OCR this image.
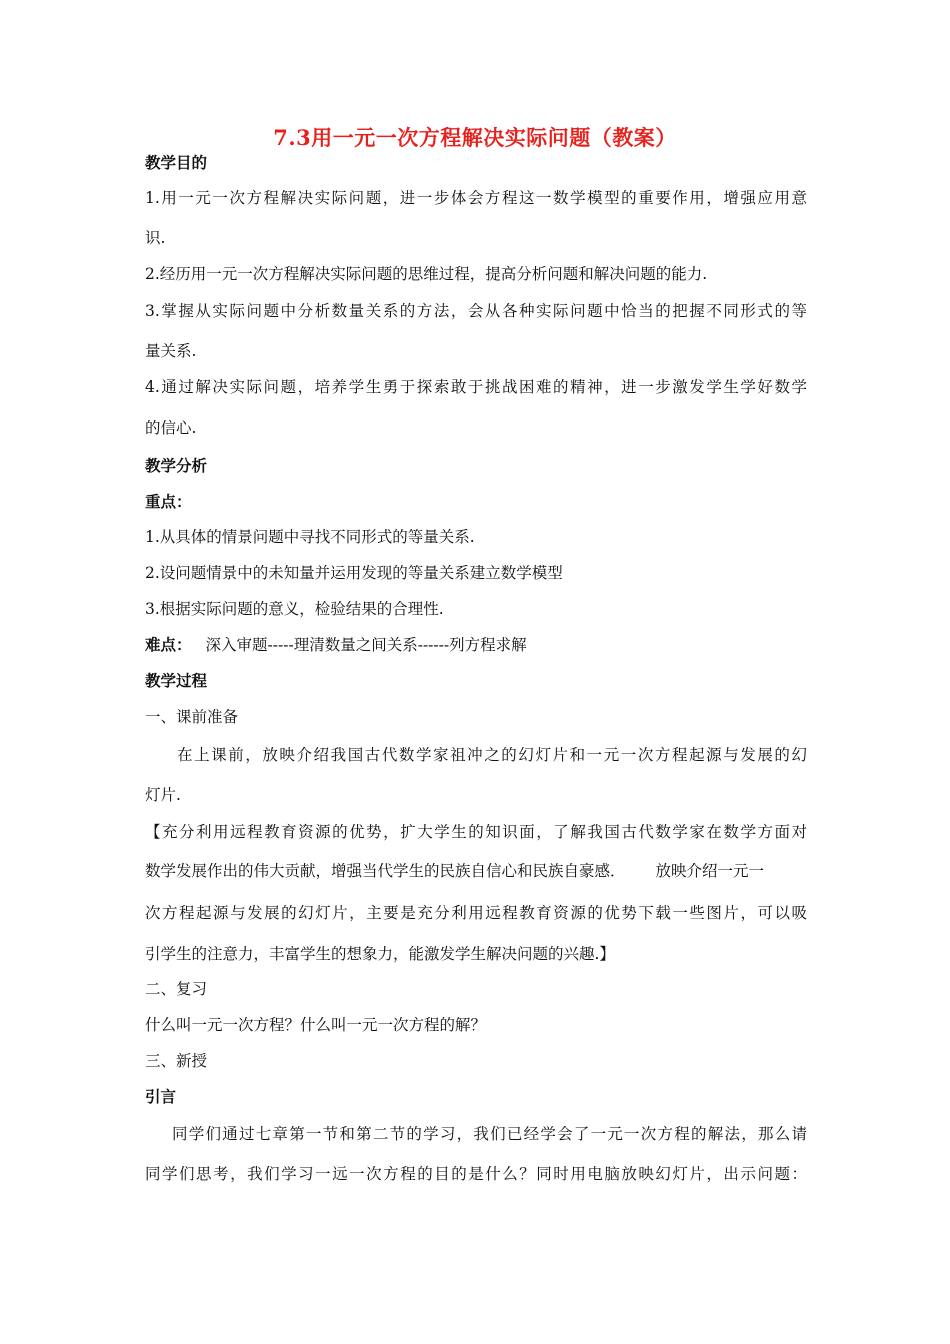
7.3用一元一次方程解决实际问题（教案）
教学目的
1.用一元一次方程解决实际问题，进一步体会方程这一数学模型的重要作用，增强应用意
识.
2.经历用一元一次方程解决实际问题的思维过程，提高分析问题和解决问题的能力.
3.掌握从实际问题中分析数量关系的方法，会从各种实际问题中恰当的把握不同形式的等
量关系.
4.通过解决实际问题，培养学生勇于探索敢于挑战困难的精神，进一步激发学生学好数学
的信心.
教学分析
重点：
1.从具体的情景问题中寻找不同形式的等量关系.
2.设问题情景中的未知量并运用发现的等量关系建立数学模型
3.根据实际问题的意义，检验结果的合理性.
难点： 深入审题-----理清数量之间关系------列方程求解
教学过程
一、课前准备
在上课前，放映介绍我国古代数学家祖冲之的幻灯片和一元一次方程起源与发展的幻
灯片.
【充分利用远程教育资源的优势，扩大学生的知识面，了解我国古代数学家在数学方面对
数学发展作出的伟大贡献，增强当代学生的民族自信心和民族自豪感． 放映介绍一元一
次方程起源与发展的幻灯片，主要是充分利用远程教育资源的优势下载一些图片，可以吸
引学生的注意力，丰富学生的想象力，能激发学生解决问题的兴趣.】
二、复习
什么叫一元一次方程？什么叫一元一次方程的解？
三、新授
引言
同学们通过七章第一节和第二节的学习，我们已经学会了一元一次方程的解法，那么请
同学们思考，我们学习一远一次方程的目的是什么？同时用电脑放映幻灯片，出示问题：
